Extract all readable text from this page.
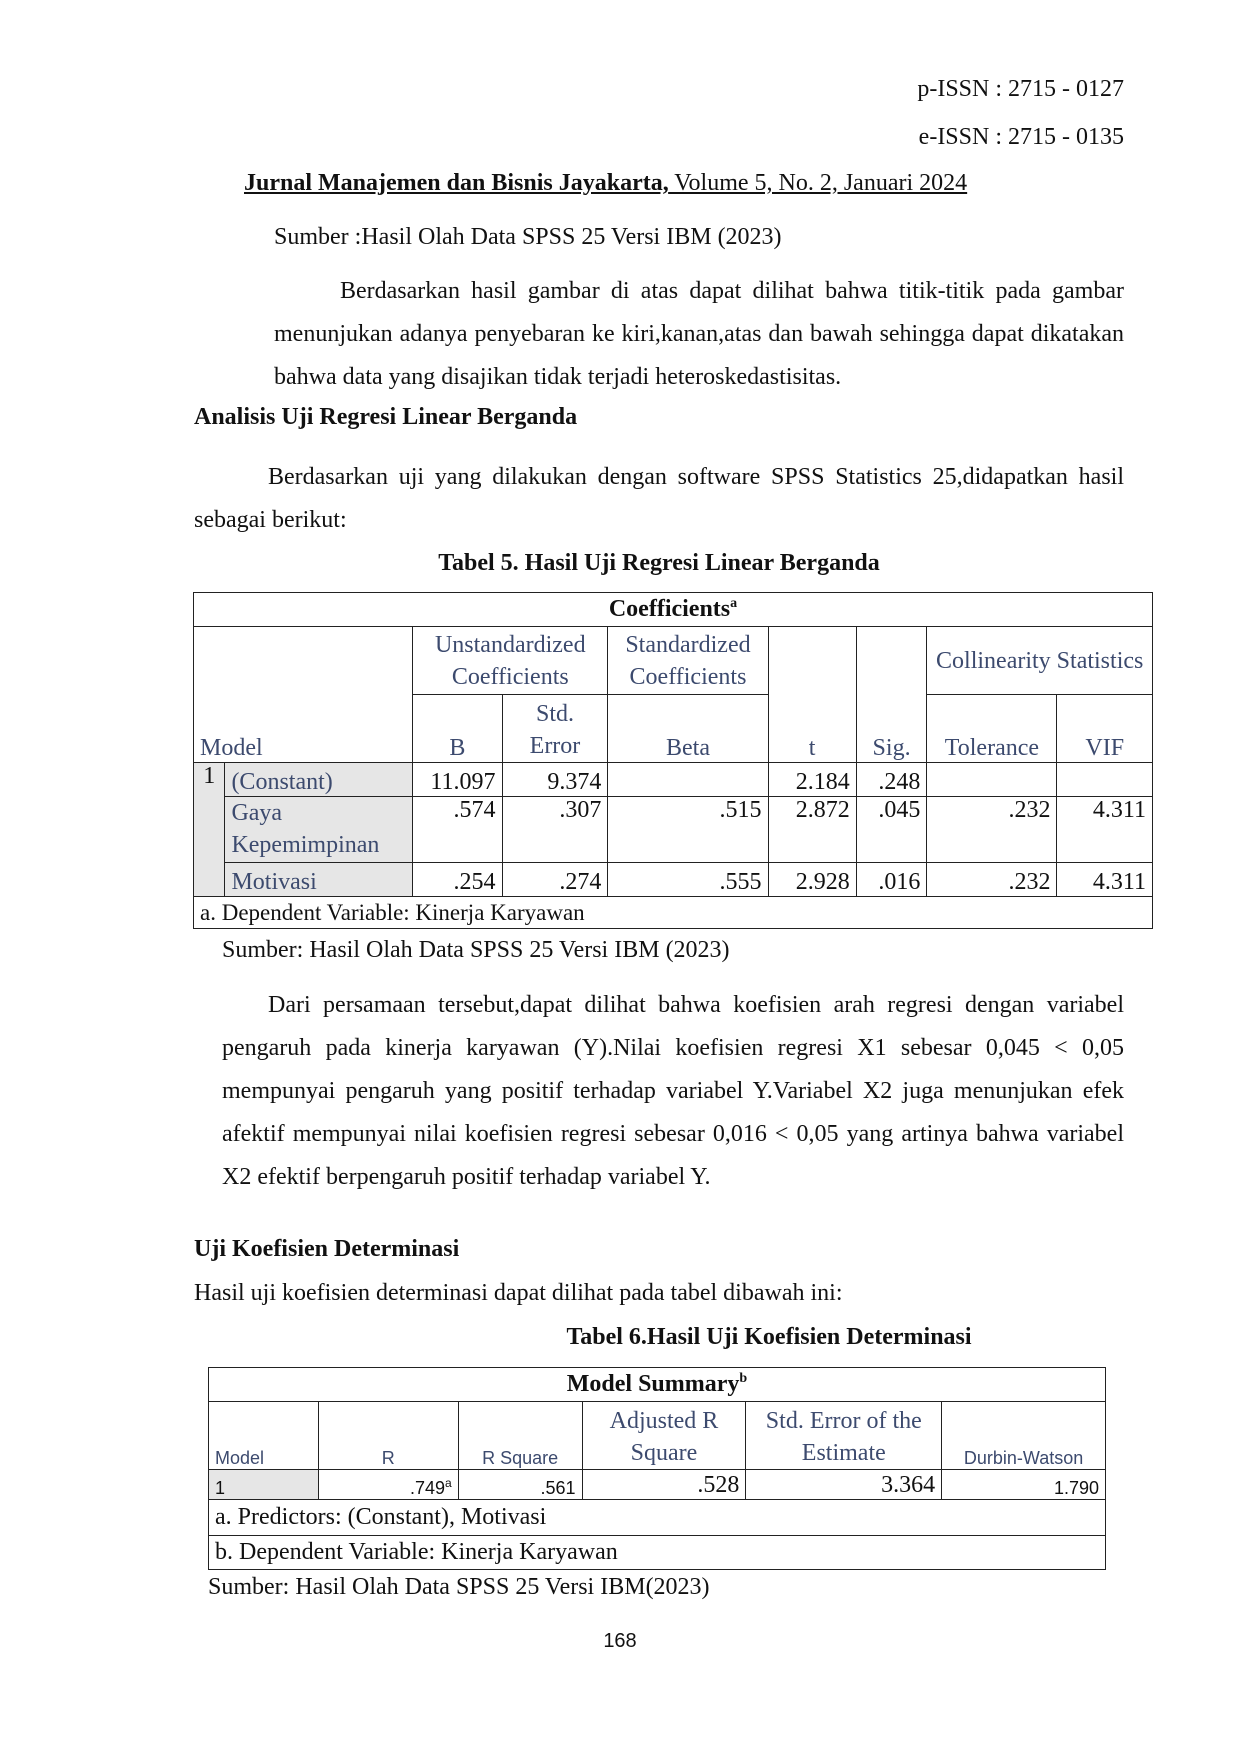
p-ISSN : 2715 - 0127
e-ISSN : 2715 - 0135
Jurnal Manajemen dan Bisnis Jayakarta, Volume 5, No. 2, Januari 2024
Sumber :Hasil Olah Data SPSS 25 Versi IBM (2023)
Berdasarkan hasil gambar di atas dapat dilihat bahwa titik-titik pada gambar menunjukan adanya penyebaran ke kiri,kanan,atas dan bawah sehingga dapat dikatakan bahwa data yang disajikan tidak terjadi heteroskedastisitas.
Analisis Uji Regresi Linear Berganda
Berdasarkan uji yang dilakukan dengan software SPSS Statistics 25,didapatkan hasil sebagai berikut:
Tabel 5. Hasil Uji Regresi Linear Berganda
Coefficients$^a$
Model		Unstandardized Coefficients		Standardized Coefficients	t	Sig.	Collinearity Statistics	
		B	Std. Error	Beta			Tolerance	VIF
1	(Constant)	11.097	9.374		2.184	.248		
	Gaya Kepemimpinan	.574	.307	.515	2.872	.045	.232	4.311
	Motivasi	.254	.274	.555	2.928	.016	.232	4.311
a. Dependent Variable: Kinerja Karyawan								
Sumber: Hasil Olah Data SPSS 25 Versi IBM (2023)
Dari persamaan tersebut,dapat dilihat bahwa koefisien arah regresi dengan variabel pengaruh pada kinerja karyawan (Y).Nilai koefisien regresi X1 sebesar 0,045 < 0,05 mempunyai pengaruh yang positif terhadap variabel Y.Variabel X2 juga menunjukan efek afektif mempunyai nilai koefisien regresi sebesar 0,016 < 0,05 yang artinya bahwa variabel X2 efektif berpengaruh positif terhadap variabel Y.
Uji Koefisien Determinasi
Hasil uji koefisien determinasi dapat dilihat pada tabel dibawah ini:
Tabel 6.Hasil Uji Koefisien Determinasi
Model Summary$^b$
Model	R	R Square	Adjusted R Square	Std. Error of the Estimate	Durbin-Watson
1	.749$^a$	.561	.528	3.364	1.790
a. Predictors: (Constant), Motivasi					
b. Dependent Variable: Kinerja Karyawan					
Sumber: Hasil Olah Data SPSS 25 Versi IBM(2023)
168
